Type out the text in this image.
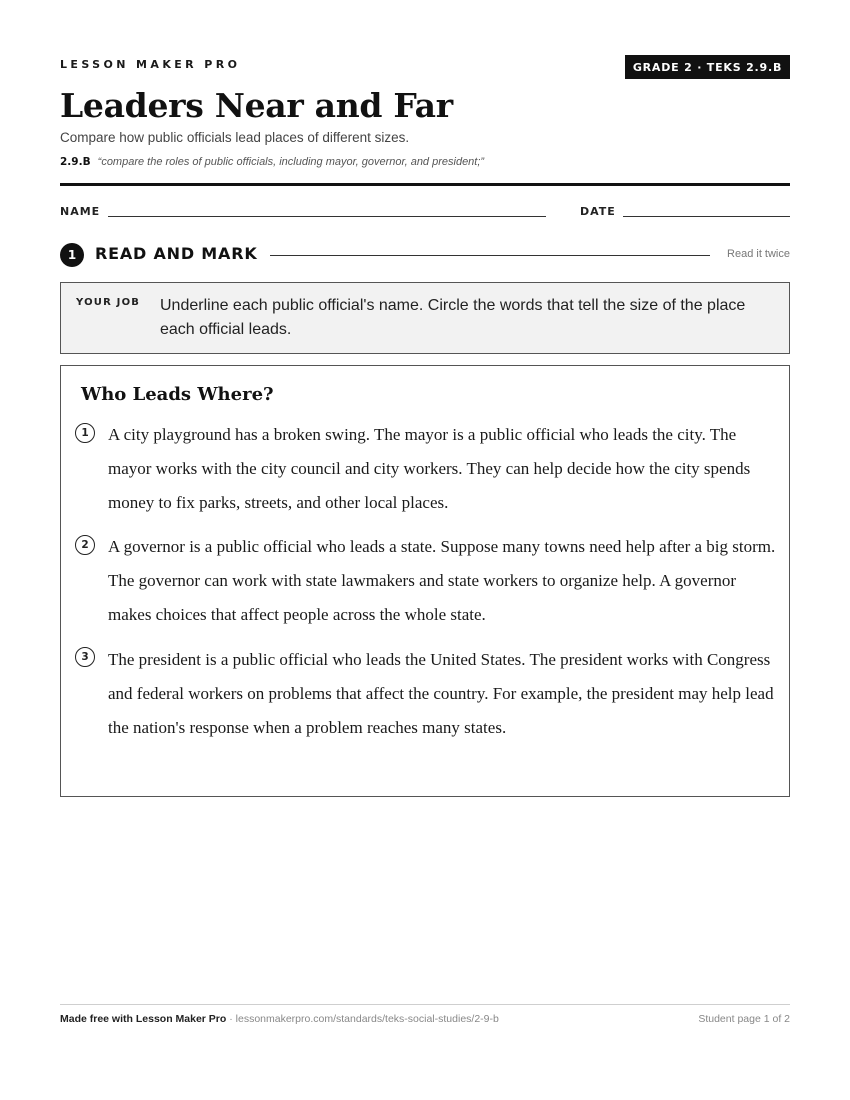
LESSON MAKER PRO	GRADE 2 · TEKS 2.9.B
Leaders Near and Far
Compare how public officials lead places of different sizes.
2.9.B “compare the roles of public officials, including mayor, governor, and president;”
NAME	DATE
1	READ AND MARK	Read it twice
YOUR JOB Underline each public official's name. Circle the words that tell the size of the place each official leads.
Who Leads Where?
1	A city playground has a broken swing. The mayor is a public official who leads the city. The mayor works with the city council and city workers. They can help decide how the city spends money to fix parks, streets, and other local places.
2	A governor is a public official who leads a state. Suppose many towns need help after a big storm. The governor can work with state lawmakers and state workers to organize help. A governor makes choices that affect people across the whole state.
3	The president is a public official who leads the United States. The president works with Congress and federal workers on problems that affect the country. For example, the president may help lead the nation's response when a problem reaches many states.
Made free with Lesson Maker Pro · lessonmakerpro.com/standards/teks-social-studies/2-9-b	Student page 1 of 2
